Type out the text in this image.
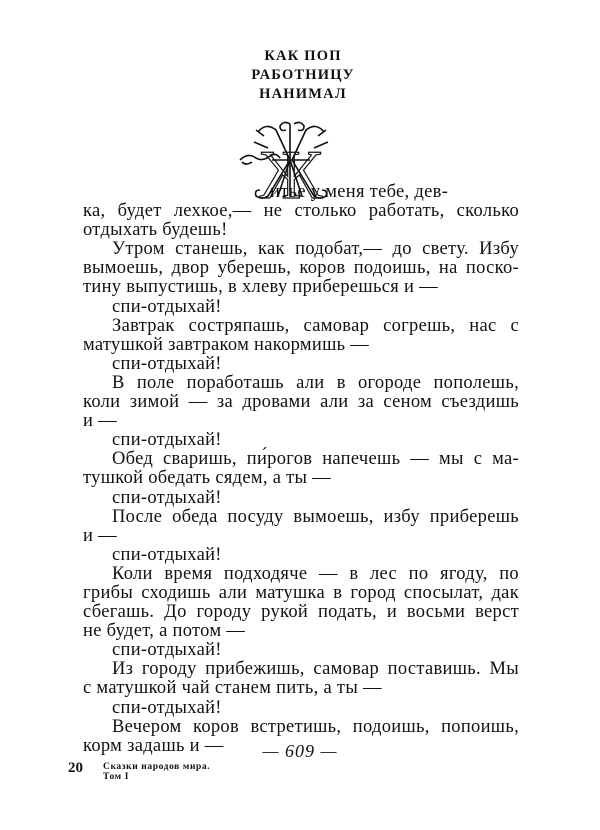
КАК ПОП
РАБОТНИЦУ
НАНИМАЛ
Ж
итье у меня тебе, дев-
ка, будет лехкое,— не столько работать, сколько
отдыхать будешь!
Утром станешь, как подобат,— до свету. Избу
вымоешь, двор уберешь, коров подоишь, на поско-
тину выпустишь, в хлеву приберешься и —
спи-отдыхай!
Завтрак состряпашь, самовар согрешь, нас с
матушкой завтраком накормишь —
спи-отдыхай!
В поле поработашь али в огороде пополешь,
коли зимой — за дровами али за сеном съездишь
и —
спи-отдыхай!
Обед сваришь, пи́рогов напечешь — мы с ма-
тушкой обедать сядем, а ты —
спи-отдыхай!
После обеда посуду вымоешь, избу приберешь
и —
спи-отдыхай!
Коли время подходяче — в лес по ягоду, по
грибы сходишь али матушка в город спосылат, дак
сбегашь. До городу рукой подать, и восьми верст
не будет, а потом —
спи-отдыхай!
Из городу прибежишь, самовар поставишь. Мы
с матушкой чай станем пить, а ты —
спи-отдыхай!
Вечером коров встретишь, подоишь, попоишь,
корм задашь и —	— 609 —
20 Сказки народов мира.
Том I
